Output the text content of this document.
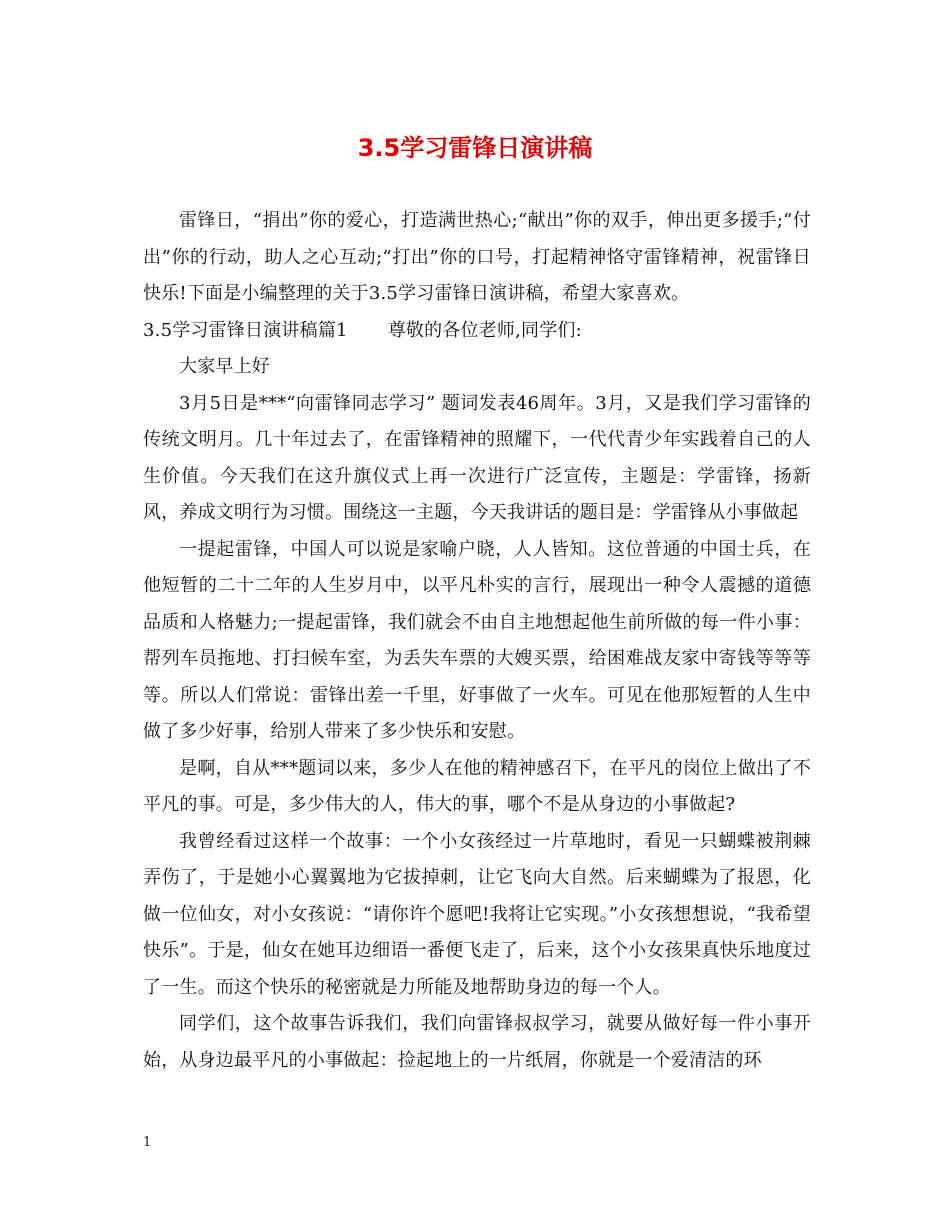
3.5学习雷锋日演讲稿

雷锋日，“捐出”你的爱心，打造满世热心;“献出”你的双手，伸出更多援手;“付出”你的行动，助人之心互动;“打出”你的口号，打起精神恪守雷锋精神，祝雷锋日快乐!下面是小编整理的关于3.5学习雷锋日演讲稿，希望大家喜欢。

3.5学习雷锋日演讲稿篇1 尊敬的各位老师,同学们:

大家早上好

3月5日是***“向雷锋同志学习” 题词发表46周年。3月，又是我们学习雷锋的传统文明月。几十年过去了，在雷锋精神的照耀下，一代代青少年实践着自己的人生价值。今天我们在这升旗仪式上再一次进行广泛宣传，主题是：学雷锋，扬新风，养成文明行为习惯。围绕这一主题，今天我讲话的题目是：学雷锋从小事做起

一提起雷锋，中国人可以说是家喻户晓，人人皆知。这位普通的中国士兵，在他短暂的二十二年的人生岁月中，以平凡朴实的言行，展现出一种令人震撼的道德品质和人格魅力;一提起雷锋，我们就会不由自主地想起他生前所做的每一件小事：帮列车员拖地、打扫候车室，为丢失车票的大嫂买票，给困难战友家中寄钱等等等等。所以人们常说：雷锋出差一千里，好事做了一火车。可见在他那短暂的人生中做了多少好事，给别人带来了多少快乐和安慰。

是啊，自从***题词以来，多少人在他的精神感召下，在平凡的岗位上做出了不平凡的事。可是，多少伟大的人，伟大的事，哪个不是从身边的小事做起?

我曾经看过这样一个故事：一个小女孩经过一片草地时，看见一只蝴蝶被荆棘弄伤了，于是她小心翼翼地为它拔掉刺，让它飞向大自然。后来蝴蝶为了报恩，化做一位仙女，对小女孩说：“请你许个愿吧!我将让它实现。”小女孩想想说，“我希望快乐”。于是，仙女在她耳边细语一番便飞走了，后来，这个小女孩果真快乐地度过了一生。而这个快乐的秘密就是力所能及地帮助身边的每一个人。

同学们，这个故事告诉我们，我们向雷锋叔叔学习，就要从做好每一件小事开始，从身边最平凡的小事做起：捡起地上的一片纸屑，你就是一个爱清洁的环

1
